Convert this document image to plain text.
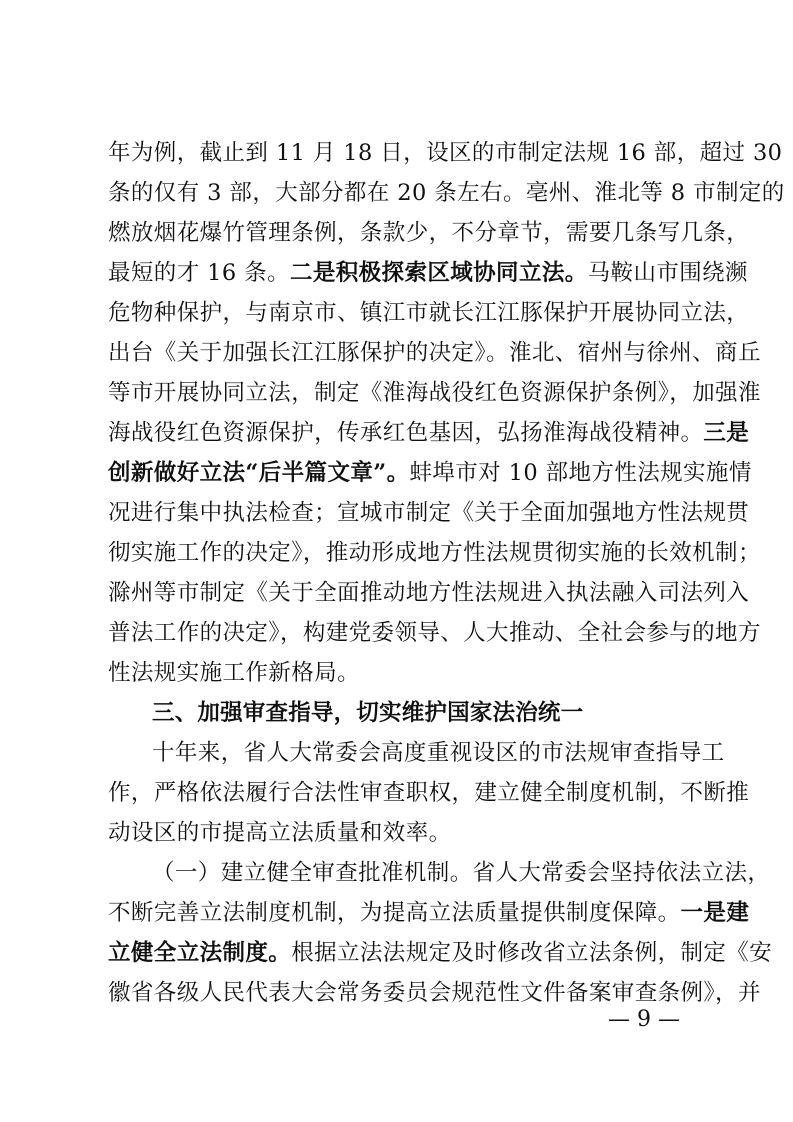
年为例，截止到 11 月 18 日，设区的市制定法规 16 部，超过 30
条的仅有 3 部，大部分都在 20 条左右。亳州、淮北等 8 市制定的
燃放烟花爆竹管理条例，条款少，不分章节，需要几条写几条，
最短的才 16 条。二是积极探索区域协同立法。马鞍山市围绕濒
危物种保护，与南京市、镇江市就长江江豚保护开展协同立法，
出台《关于加强长江江豚保护的决定》。淮北、宿州与徐州、商丘
等市开展协同立法，制定《淮海战役红色资源保护条例》，加强淮
海战役红色资源保护，传承红色基因，弘扬淮海战役精神。三是
创新做好立法“后半篇文章”。蚌埠市对 10 部地方性法规实施情
况进行集中执法检查；宣城市制定《关于全面加强地方性法规贯
彻实施工作的决定》，推动形成地方性法规贯彻实施的长效机制；
滁州等市制定《关于全面推动地方性法规进入执法融入司法列入
普法工作的决定》，构建党委领导、人大推动、全社会参与的地方
性法规实施工作新格局。
三、加强审查指导，切实维护国家法治统一
十年来，省人大常委会高度重视设区的市法规审查指导工
作，严格依法履行合法性审查职权，建立健全制度机制，不断推
动设区的市提高立法质量和效率。
（一）建立健全审查批准机制。省人大常委会坚持依法立法，
不断完善立法制度机制，为提高立法质量提供制度保障。一是建
立健全立法制度。根据立法法规定及时修改省立法条例，制定《安
徽省各级人民代表大会常务委员会规范性文件备案审查条例》，并
— 9 —
